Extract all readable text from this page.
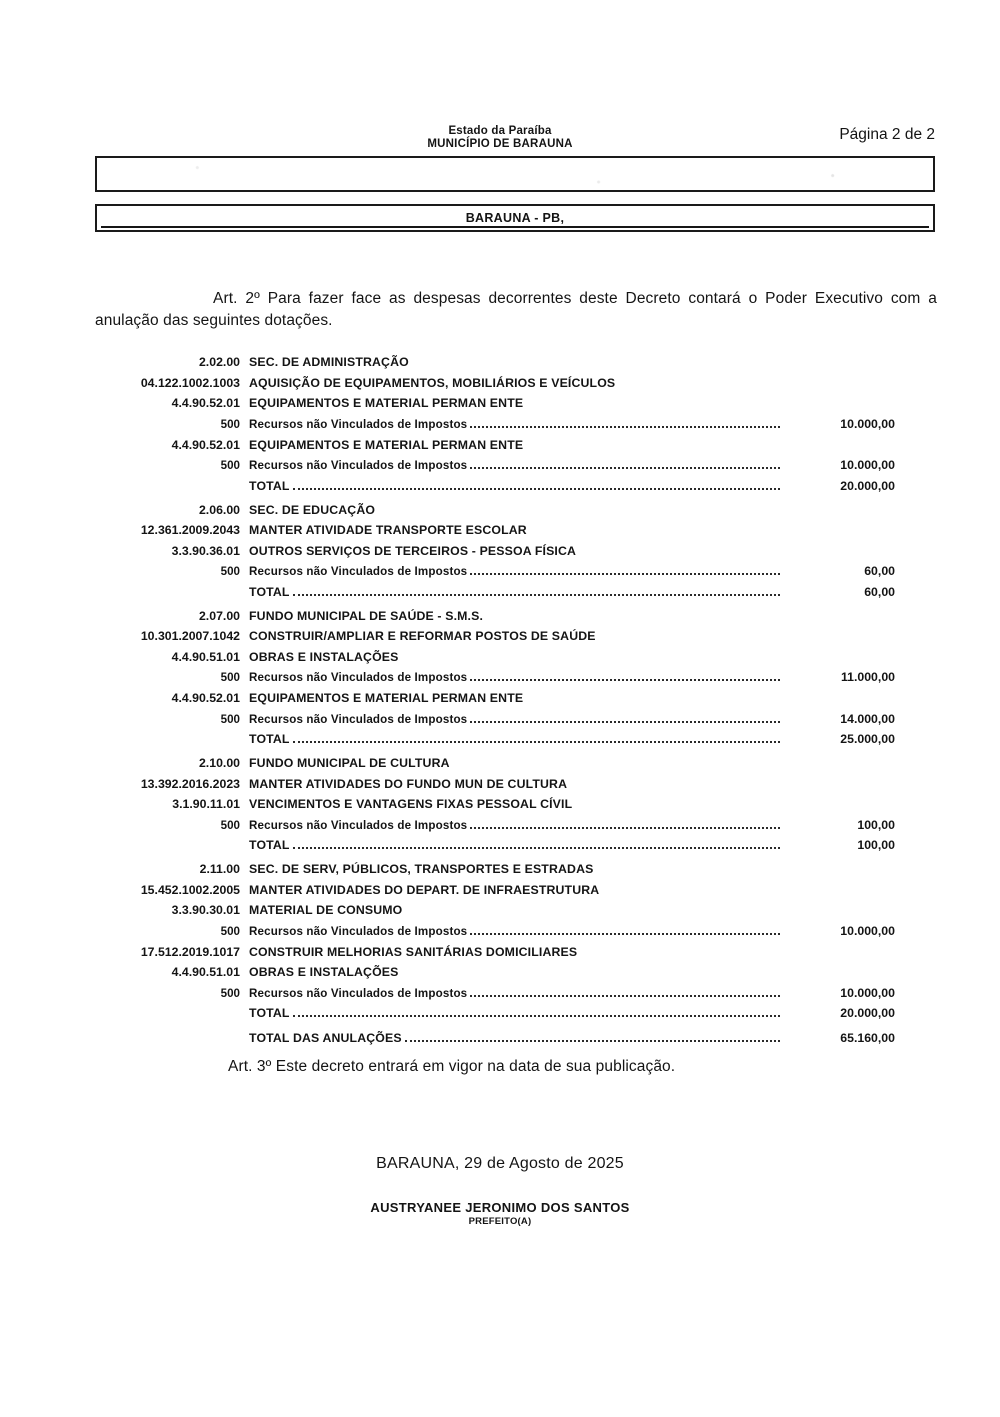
Estado da Paraíba
MUNICÍPIO DE BARAUNA
Página 2 de 2
BARAUNA - PB,
Art. 2º Para fazer face as despesas decorrentes deste Decreto contará o Poder Executivo com a anulação das seguintes dotações.
2.02.00 SEC. DE ADMINISTRAÇÃO
04.122.1002.1003 AQUISIÇÃO DE EQUIPAMENTOS, MOBILIÁRIOS E VEÍCULOS
4.4.90.52.01 EQUIPAMENTOS E MATERIAL PERMAN ENTE
500 Recursos não Vinculados de Impostos	10.000,00
4.4.90.52.01 EQUIPAMENTOS E MATERIAL PERMAN ENTE
500 Recursos não Vinculados de Impostos	10.000,00
TOTAL	20.000,00
2.06.00 SEC. DE EDUCAÇÃO
12.361.2009.2043 MANTER ATIVIDADE TRANSPORTE ESCOLAR
3.3.90.36.01 OUTROS SERVIÇOS DE TERCEIROS - PESSOA FÍSICA
500 Recursos não Vinculados de Impostos	60,00
TOTAL	60,00
2.07.00 FUNDO MUNICIPAL DE SAÚDE - S.M.S.
10.301.2007.1042 CONSTRUIR/AMPLIAR E REFORMAR POSTOS DE SAÚDE
4.4.90.51.01 OBRAS E INSTALAÇÕES
500 Recursos não Vinculados de Impostos	11.000,00
4.4.90.52.01 EQUIPAMENTOS E MATERIAL PERMAN ENTE
500 Recursos não Vinculados de Impostos	14.000,00
TOTAL	25.000,00
2.10.00 FUNDO MUNICIPAL DE CULTURA
13.392.2016.2023 MANTER ATIVIDADES DO FUNDO MUN DE CULTURA
3.1.90.11.01 VENCIMENTOS E VANTAGENS FIXAS PESSOAL CÍVIL
500 Recursos não Vinculados de Impostos	100,00
TOTAL	100,00
2.11.00 SEC. DE SERV, PÚBLICOS, TRANSPORTES E ESTRADAS
15.452.1002.2005 MANTER ATIVIDADES DO DEPART. DE INFRAESTRUTURA
3.3.90.30.01 MATERIAL DE CONSUMO
500 Recursos não Vinculados de Impostos	10.000,00
17.512.2019.1017 CONSTRUIR MELHORIAS SANITÁRIAS DOMICILIARES
4.4.90.51.01 OBRAS E INSTALAÇÕES
500 Recursos não Vinculados de Impostos	10.000,00
TOTAL	20.000,00
TOTAL DAS ANULAÇÕES	65.160,00
Art. 3º Este decreto entrará em vigor na data de sua publicação.
BARAUNA, 29 de Agosto de 2025
AUSTRYANEE JERONIMO DOS SANTOS
PREFEITO(A)
